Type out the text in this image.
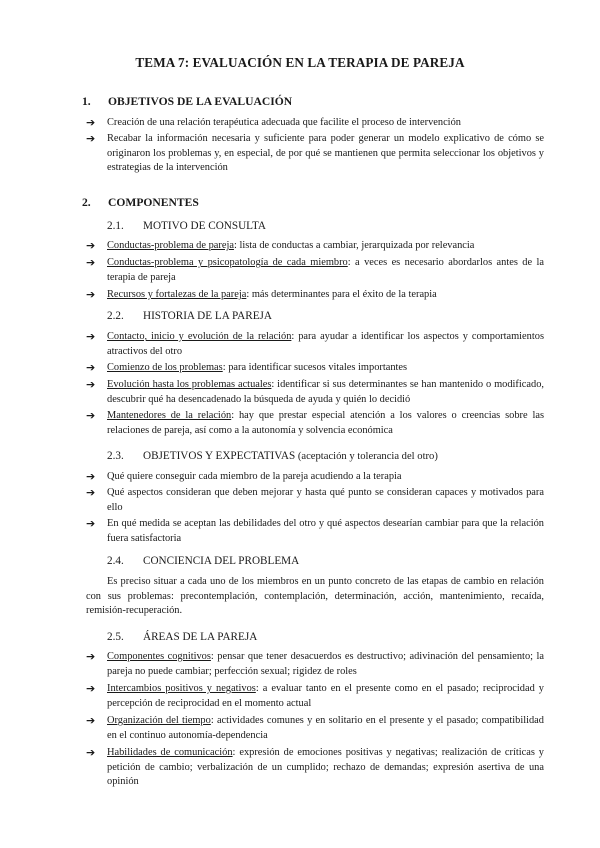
TEMA 7: EVALUACIÓN EN LA TERAPIA DE PAREJA
1. OBJETIVOS DE LA EVALUACIÓN
➔ Creación de una relación terapéutica adecuada que facilite el proceso de intervención
➔ Recabar la información necesaria y suficiente para poder generar un modelo explicativo de cómo se originaron los problemas y, en especial, de por qué se mantienen que permita seleccionar los objetivos y estrategias de la intervención
2. COMPONENTES
2.1. MOTIVO DE CONSULTA
➔ Conductas-problema de pareja: lista de conductas a cambiar, jerarquizada por relevancia
➔ Conductas-problema y psicopatología de cada miembro: a veces es necesario abordarlos antes de la terapia de pareja
➔ Recursos y fortalezas de la pareja: más determinantes para el éxito de la terapia
2.2. HISTORIA DE LA PAREJA
➔ Contacto, inicio y evolución de la relación: para ayudar a identificar los aspectos y comportamientos atractivos del otro
➔ Comienzo de los problemas: para identificar sucesos vitales importantes
➔ Evolución hasta los problemas actuales: identificar si sus determinantes se han mantenido o modificado, descubrir qué ha desencadenado la búsqueda de ayuda y quién lo decidió
➔ Mantenedores de la relación: hay que prestar especial atención a los valores o creencias sobre las relaciones de pareja, así como a la autonomía y solvencia económica
2.3. OBJETIVOS Y EXPECTATIVAS (aceptación y tolerancia del otro)
➔ Qué quiere conseguir cada miembro de la pareja acudiendo a la terapia
➔ Qué aspectos consideran que deben mejorar y hasta qué punto se consideran capaces y motivados para ello
➔ En qué medida se aceptan las debilidades del otro y qué aspectos desearían cambiar para que la relación fuera satisfactoria
2.4. CONCIENCIA DEL PROBLEMA
Es preciso situar a cada uno de los miembros en un punto concreto de las etapas de cambio en relación con sus problemas: precontemplación, contemplación, determinación, acción, mantenimiento, recaída, remisión-recuperación.
2.5. ÁREAS DE LA PAREJA
➔ Componentes cognitivos: pensar que tener desacuerdos es destructivo; adivinación del pensamiento; la pareja no puede cambiar; perfección sexual; rigidez de roles
➔ Intercambios positivos y negativos: a evaluar tanto en el presente como en el pasado; reciprocidad y percepción de reciprocidad en el momento actual
➔ Organización del tiempo: actividades comunes y en solitario en el presente y el pasado; compatibilidad en el continuo autonomía-dependencia
➔ Habilidades de comunicación: expresión de emociones positivas y negativas; realización de críticas y petición de cambio; verbalización de un cumplido; rechazo de demandas; expresión asertiva de una opinión
